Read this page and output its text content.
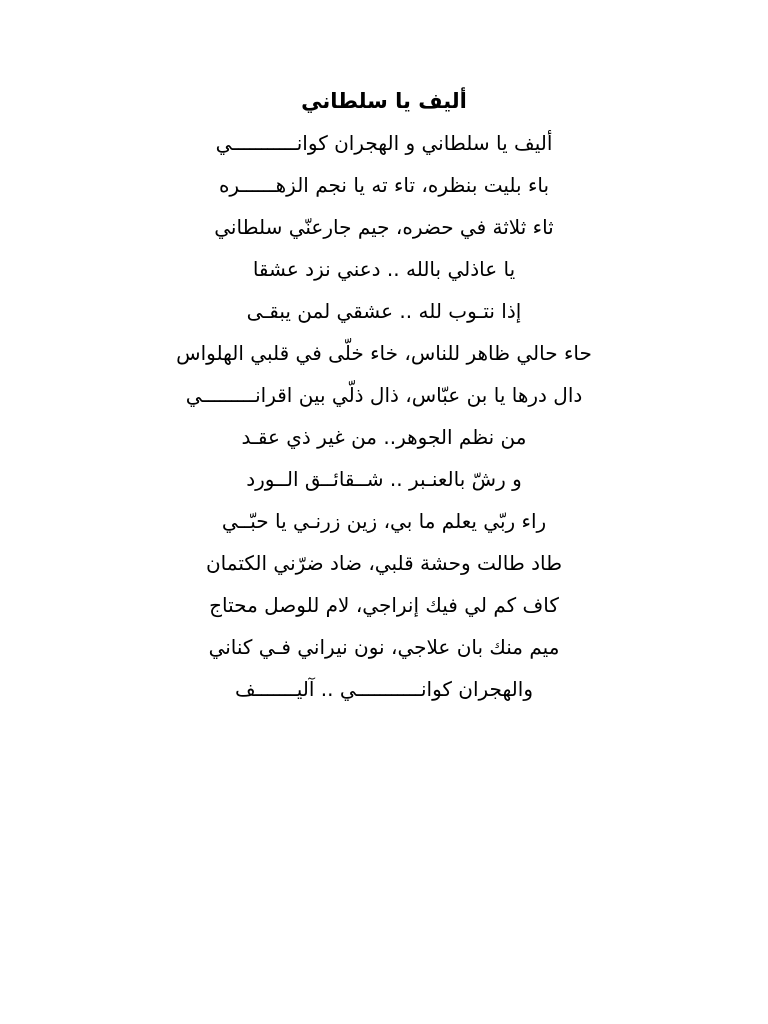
أليف يا سلطاني
أليف يا سلطاني و الهجران كوانـــــــــــي
باء بليت بنظره، تاء ته يا نجم الزهــــــره
ثاء ثلاثة في حضره، جيم جارعنّي سلطاني
يا عاذلي بالله .. دعني نزد عشقا
إذا نتـوب لله .. عشقي لمن يبقـى
حاء حالي ظاهر للناس، خاء خلّى في قلبي الهلواس
دال درها يا بن عبّاس، ذال ذلّي بين اقرانـــــــــي
من نظم الجوهر.. من غير ذي عقـد
و رشّ بالعنـبر .. شــقائــق الــورد
راء ربّي يعلم ما بي، زين زرنـي يا حبّــي
طاد طالت وحشة قلبي، ضاد ضرّني الكتمان
كاف كم لي فيك إنراجي، لام للوصل محتاج
ميم منك بان علاجي، نون نيراني فـي كناني
والهجران كوانـــــــــــي .. آليـــــــف
